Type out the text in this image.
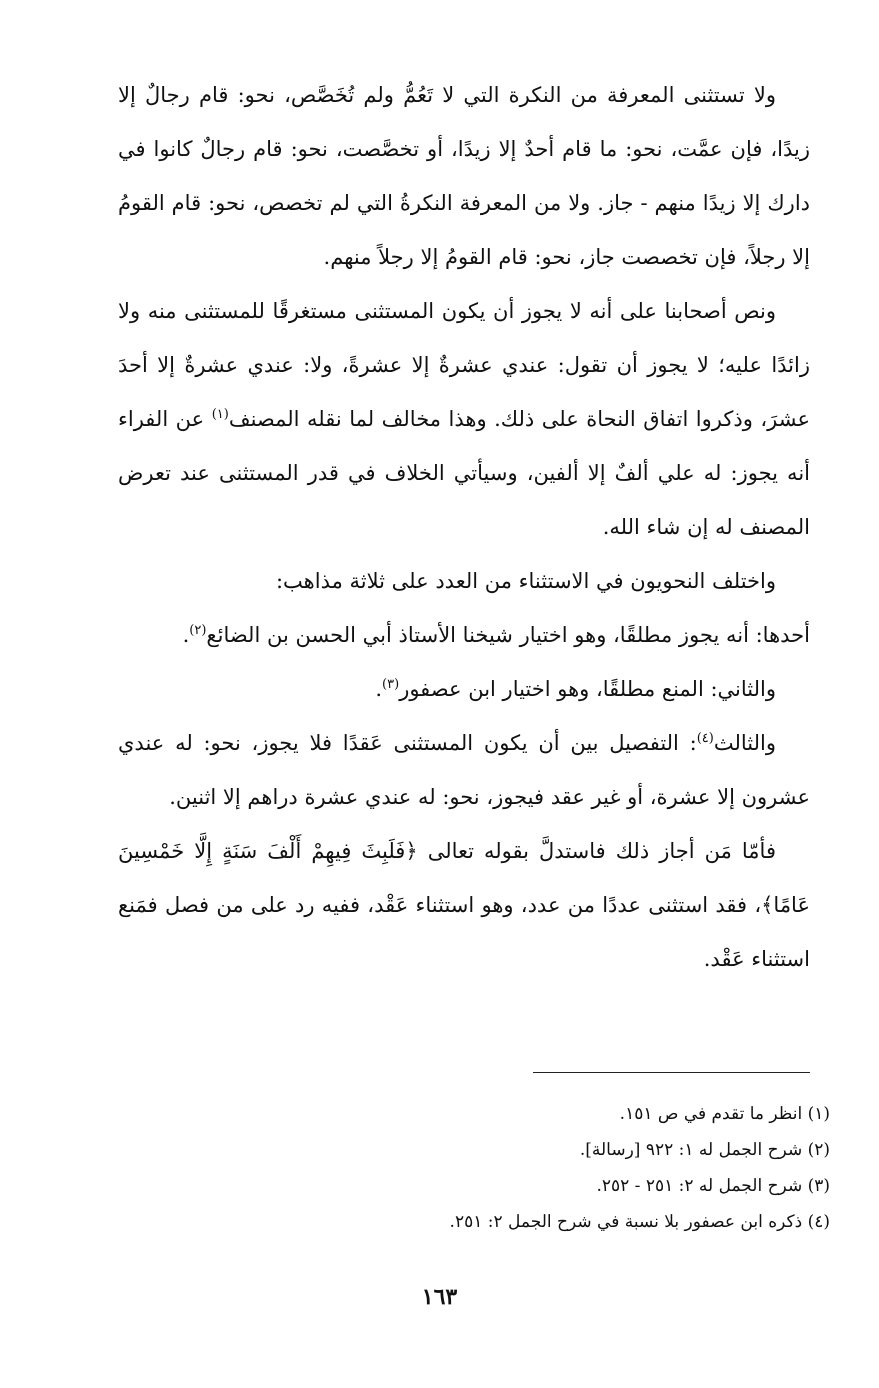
ولا تستثنى المعرفة من النكرة التي لا تَعُمُّ ولم تُخَصَّص، نحو: قام رجالٌ إلا زيدًا، فإن عمَّت، نحو: ما قام أحدٌ إلا زيدًا، أو تخصَّصت، نحو: قام رجالٌ كانوا في دارك إلا زيدًا منهم - جاز. ولا من المعرفة النكرةُ التي لم تخصص، نحو: قام القومُ إلا رجلاً، فإن تخصصت جاز، نحو: قام القومُ إلا رجلاً منهم.

ونص أصحابنا على أنه لا يجوز أن يكون المستثنى مستغرقًا للمستثنى منه ولا زائدًا عليه؛ لا يجوز أن تقول: عندي عشرةٌ إلا عشرةً، ولا: عندي عشرةٌ إلا أحدَ عشرَ، وذكروا اتفاق النحاة على ذلك. وهذا مخالف لما نقله المصنف$^{(١)}$ عن الفراء أنه يجوز: له علي ألفٌ إلا ألفين، وسيأتي الخلاف في قدر المستثنى عند تعرض المصنف له إن شاء الله.

واختلف النحويون في الاستثناء من العدد على ثلاثة مذاهب:

أحدها: أنه يجوز مطلقًا، وهو اختيار شيخنا الأستاذ أبي الحسن بن الضائع$^{(٢)}$.

والثاني: المنع مطلقًا، وهو اختيار ابن عصفور$^{(٣)}$.

والثالث$^{(٤)}$: التفصيل بين أن يكون المستثنى عَقدًا فلا يجوز، نحو: له عندي عشرون إلا عشرة، أو غير عقد فيجوز، نحو: له عندي عشرة دراهم إلا اثنين.

فأمّا مَن أجاز ذلك فاستدلَّ بقوله تعالى ﴿فَلَبِثَ فِيهِمْ أَلْفَ سَنَةٍ إِلَّا خَمْسِينَ عَامًا﴾، فقد استثنى عددًا من عدد، وهو استثناء عَقْد، ففيه رد على من فصل فمَنع استثناء عَقْد.

(١) انظر ما تقدم في ص ١٥١.

(٢) شرح الجمل له ١: ٩٢٢ [رسالة].

(٣) شرح الجمل له ٢: ٢٥١ - ٢٥٢.

(٤) ذكره ابن عصفور بلا نسبة في شرح الجمل ٢: ٢٥١.

١٦٣
